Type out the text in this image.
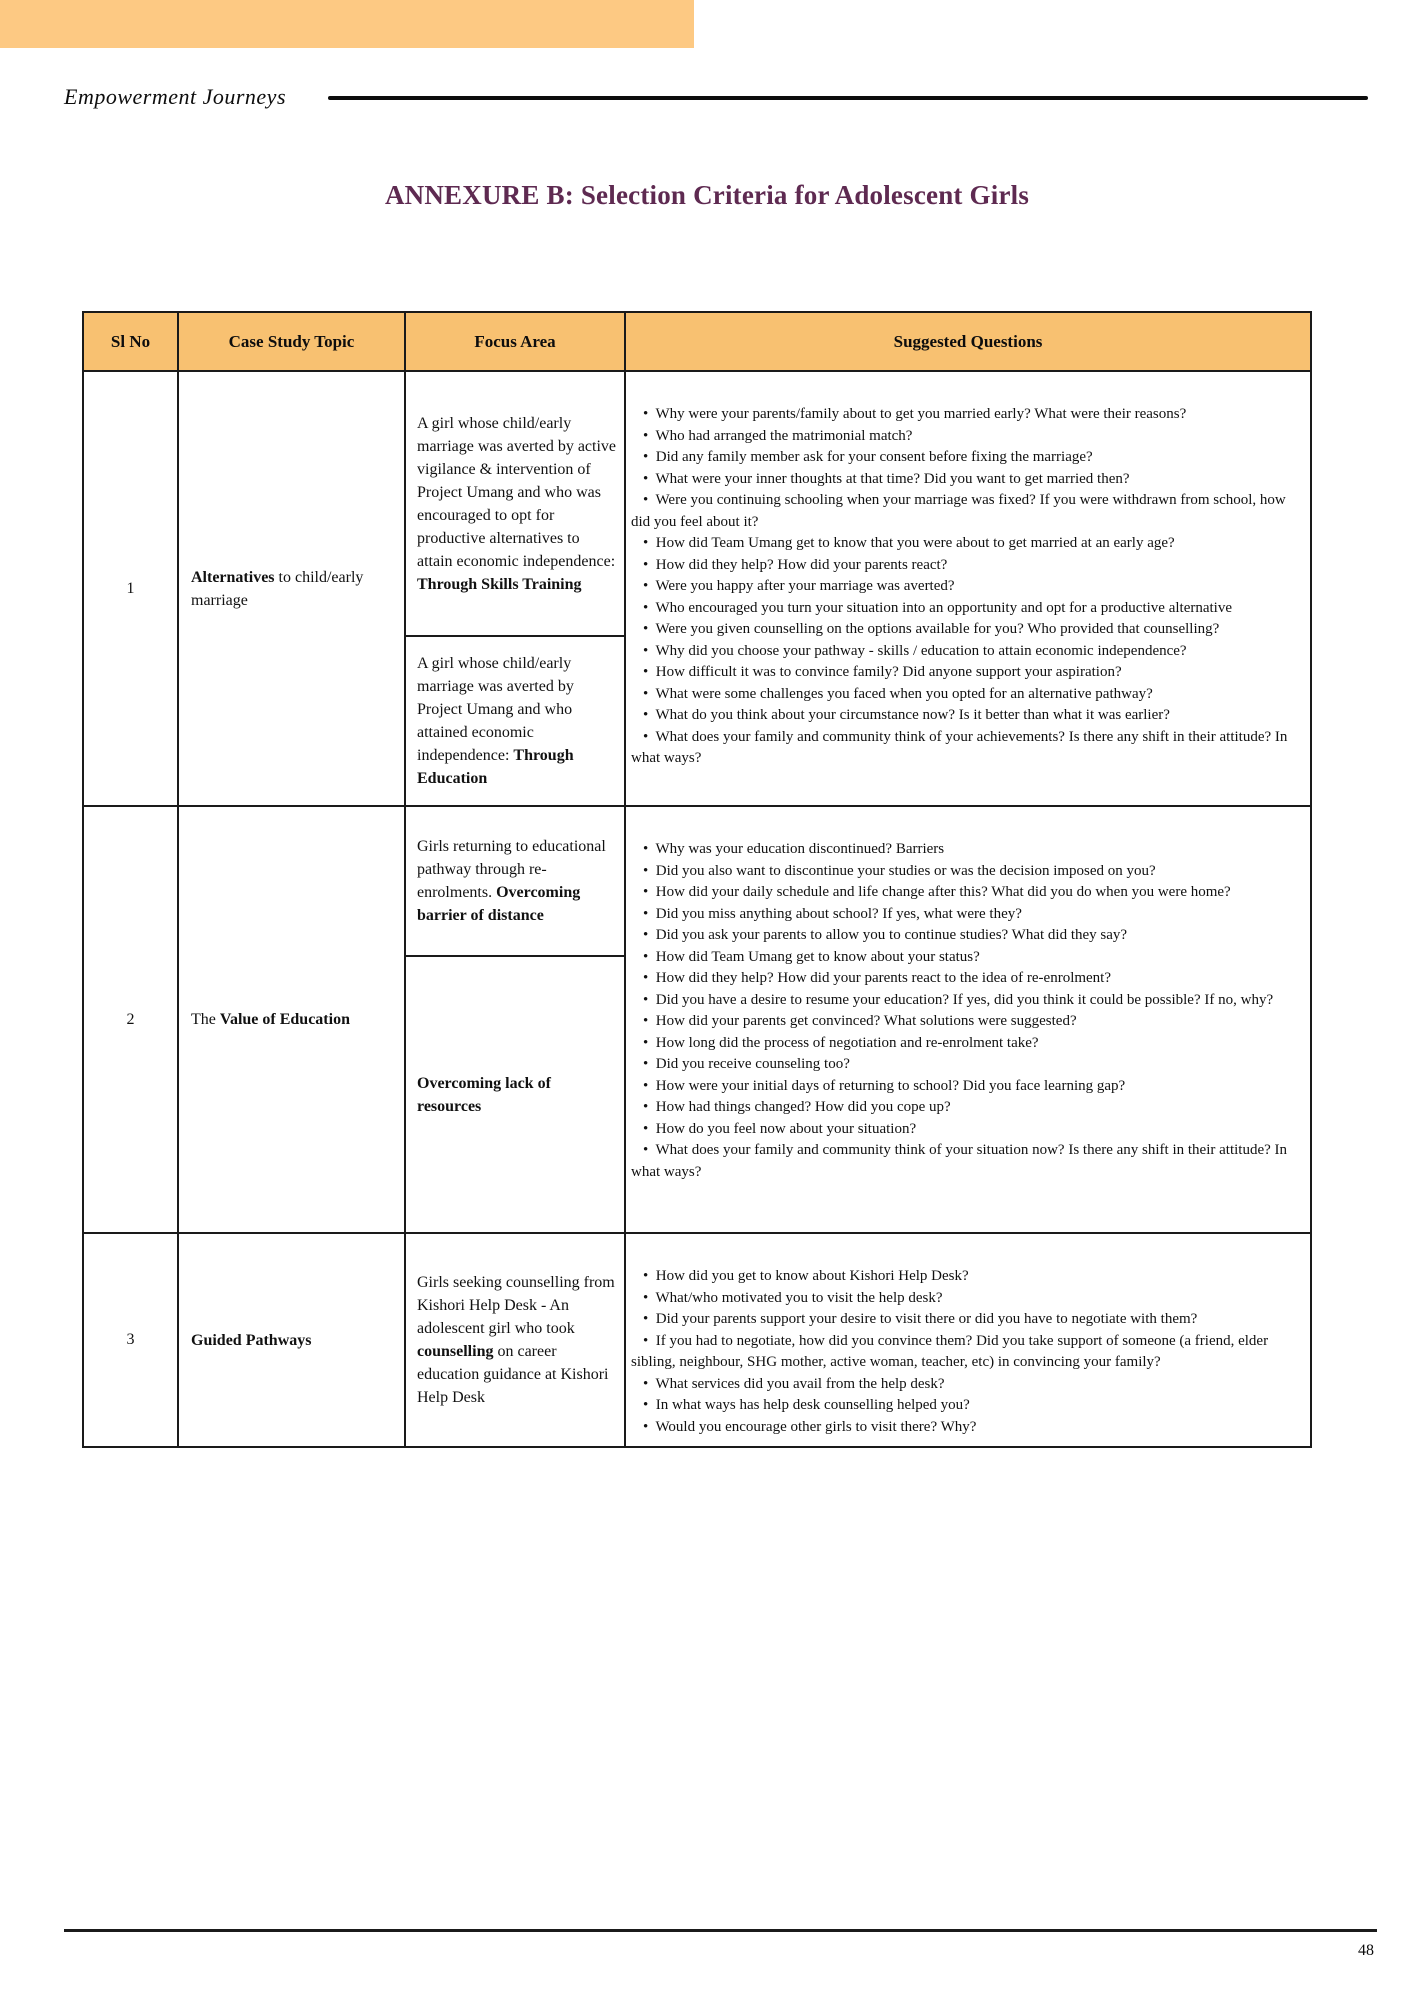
Empowerment Journeys
ANNEXURE B: Selection Criteria for Adolescent Girls
Sl No	Case Study Topic	Focus Area	Suggested Questions
1	Alternatives to child/early marriage	A girl whose child/early marriage was averted by active vigilance & intervention of Project Umang and who was encouraged to opt for productive alternatives to attain economic independence: Through Skills Training	
•  Why were your parents/family about to get you married early? What were their reasons?
•  Who had arranged the matrimonial match?
•  Did any family member ask for your consent before fixing the marriage?
•  What were your inner thoughts at that time? Did you want to get married then?
•  Were you continuing schooling when your marriage was fixed? If you were withdrawn from school, how did you feel about it?
•  How did Team Umang get to know that you were about to get married at an early age?
•  How did they help? How did your parents react?
•  Were you happy after your marriage was averted?
•  Who encouraged you turn your situation into an opportunity and opt for a productive alternative
•  Were you given counselling on the options available for you? Who provided that counselling?
•  Why did you choose your pathway - skills / education to attain economic independence?
•  How difficult it was to convince family? Did anyone support your aspiration?
•  What were some challenges you faced when you opted for an alternative pathway?
•  What do you think about your circumstance now? Is it better than what it was earlier?
•  What does your family and community think of your achievements? Is there any shift in their attitude? In what ways?

		A girl whose child/early marriage was averted by Project Umang and who attained economic independence: Through Education	
2	The Value of Education	Girls returning to educational pathway through re-enrolments. Overcoming barrier of distance	
•  Why was your education discontinued? Barriers
•  Did you also want to discontinue your studies or was the decision imposed on you?
•  How did your daily schedule and life change after this? What did you do when you were home?
•  Did you miss anything about school? If yes, what were they?
•  Did you ask your parents to allow you to continue studies? What did they say?
•  How did Team Umang get to know about your status?
•  How did they help? How did your parents react to the idea of re-enrolment?
•  Did you have a desire to resume your education? If yes, did you think it could be possible? If no, why?
•  How did your parents get convinced? What solutions were suggested?
•  How long did the process of negotiation and re-enrolment take?
•  Did you receive counseling too?
•  How were your initial days of returning to school? Did you face learning gap?
•  How had things changed? How did you cope up?
•  How do you feel now about your situation?
•  What does your family and community think of your situation now? Is there any shift in their attitude? In what ways?

		Overcoming lack of resources	
3	Guided Pathways	Girls seeking counselling from Kishori Help Desk - An adolescent girl who took counselling on career education guidance at Kishori Help Desk	
•  How did you get to know about Kishori Help Desk?
•  What/who motivated you to visit the help desk?
•  Did your parents support your desire to visit there or did you have to negotiate with them?
•  If you had to negotiate, how did you convince them? Did you take support of someone (a friend, elder sibling, neighbour, SHG mother, active woman, teacher, etc) in convincing your family?
•  What services did you avail from the help desk?
•  In what ways has help desk counselling helped you?
•  Would you encourage other girls to visit there? Why?
48
